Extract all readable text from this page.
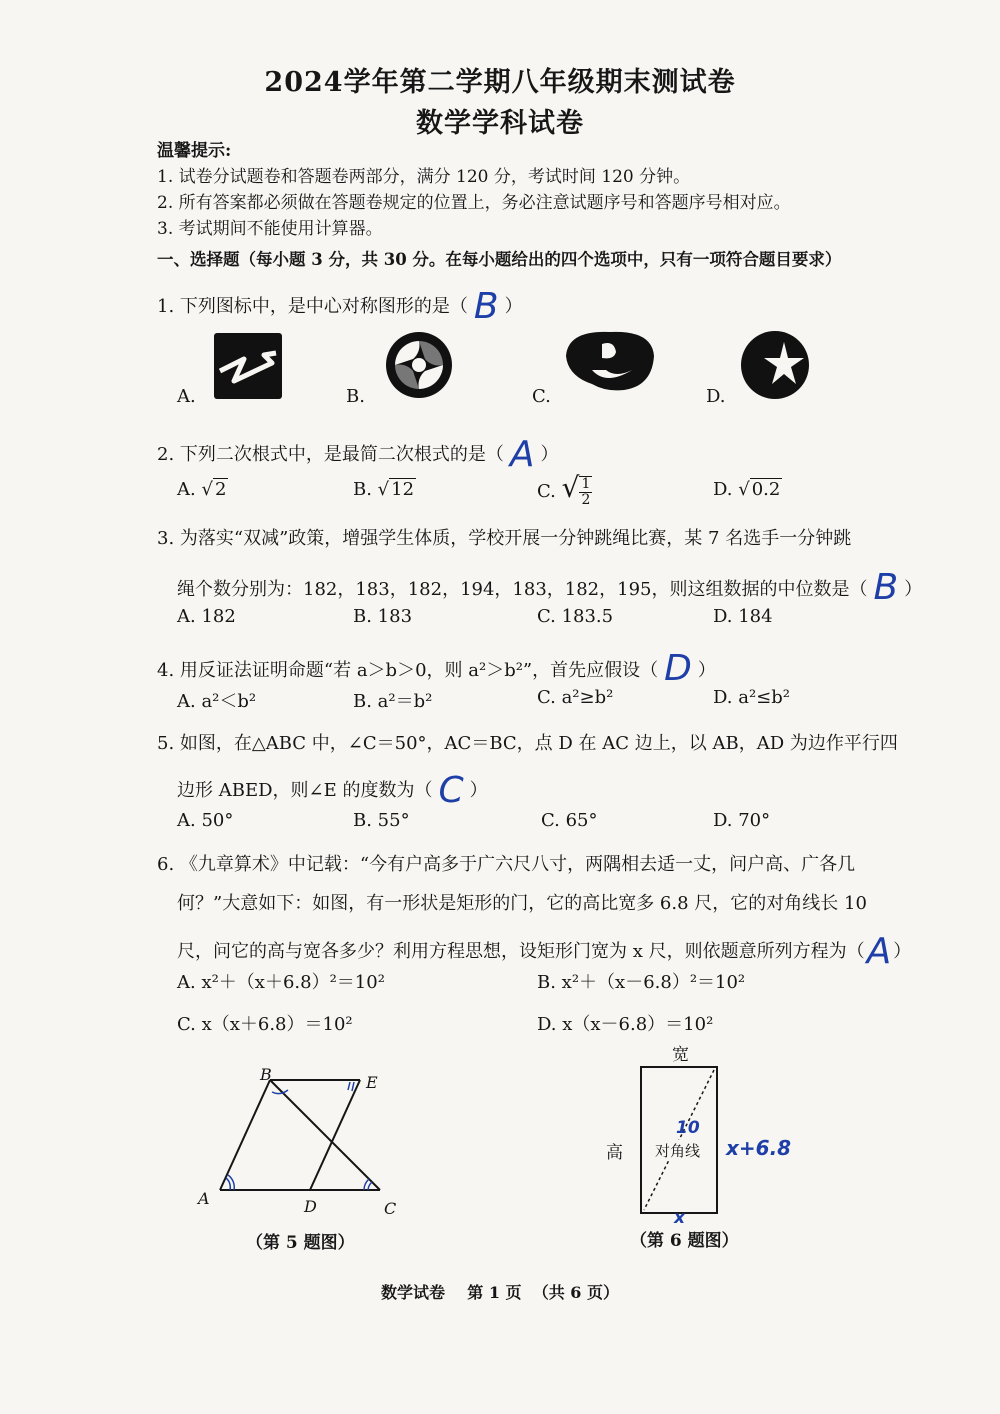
2024学年第二学期八年级期末测试卷
数学学科试卷
温馨提示:
1. 试卷分试题卷和答题卷两部分，满分 120 分，考试时间 120 分钟。
2. 所有答案都必须做在答题卷规定的位置上，务必注意试题序号和答题序号相对应。
3. 考试期间不能使用计算器。
一、选择题（每小题 3 分，共 30 分。在每小题给出的四个选项中，只有一项符合题目要求）
1. 下列图标中，是中心对称图形的是（ B ）
A.	B.	C.	D.
2. 下列二次根式中，是最简二次根式的是（ A ）
A. √ 2	B. √ 12	C. √ $\frac{1}{2}$	D. √ 0.2
3. 为落实“双减”政策，增强学生体质，学校开展一分钟跳绳比赛，某 7 名选手一分钟跳
绳个数分别为：182，183，182，194，183，182，195，则这组数据的中位数是（ B ）
A. 182	B. 183	C. 183.5	D. 184
4. 用反证法证明命题“若 a＞b＞0，则 a²＞b²”，首先应假设（ D ）
A. a²＜b²	B. a²＝b²	C. a²≥b²	D. a²≤b²
5. 如图，在△ABC 中，∠C＝50°，AC＝BC，点 D 在 AC 边上，以 AB，AD 为边作平行四
边形 ABED，则∠E 的度数为（ C ）
A. 50°	B. 55°	C. 65°	D. 70°
6. 《九章算术》中记载：“今有户高多于广六尺八寸，两隅相去适一丈，问户高、广各几
何？”大意如下：如图，有一形状是矩形的门，它的高比宽多 6.8 尺，它的对角线长 10
尺，问它的高与宽各多少？利用方程思想，设矩形门宽为 x 尺，则依题意所列方程为（A ）
A. x²＋（x＋6.8）²＝10²	B. x²＋（x－6.8）²＝10²
C. x（x＋6.8）＝10²	D. x（x－6.8）＝10²
B	E
A	D	C
（第 5 题图）
宽
高 对角线
10
x+6.8
x
（第 6 题图）
数学试卷    第 1 页  （共 6 页）
